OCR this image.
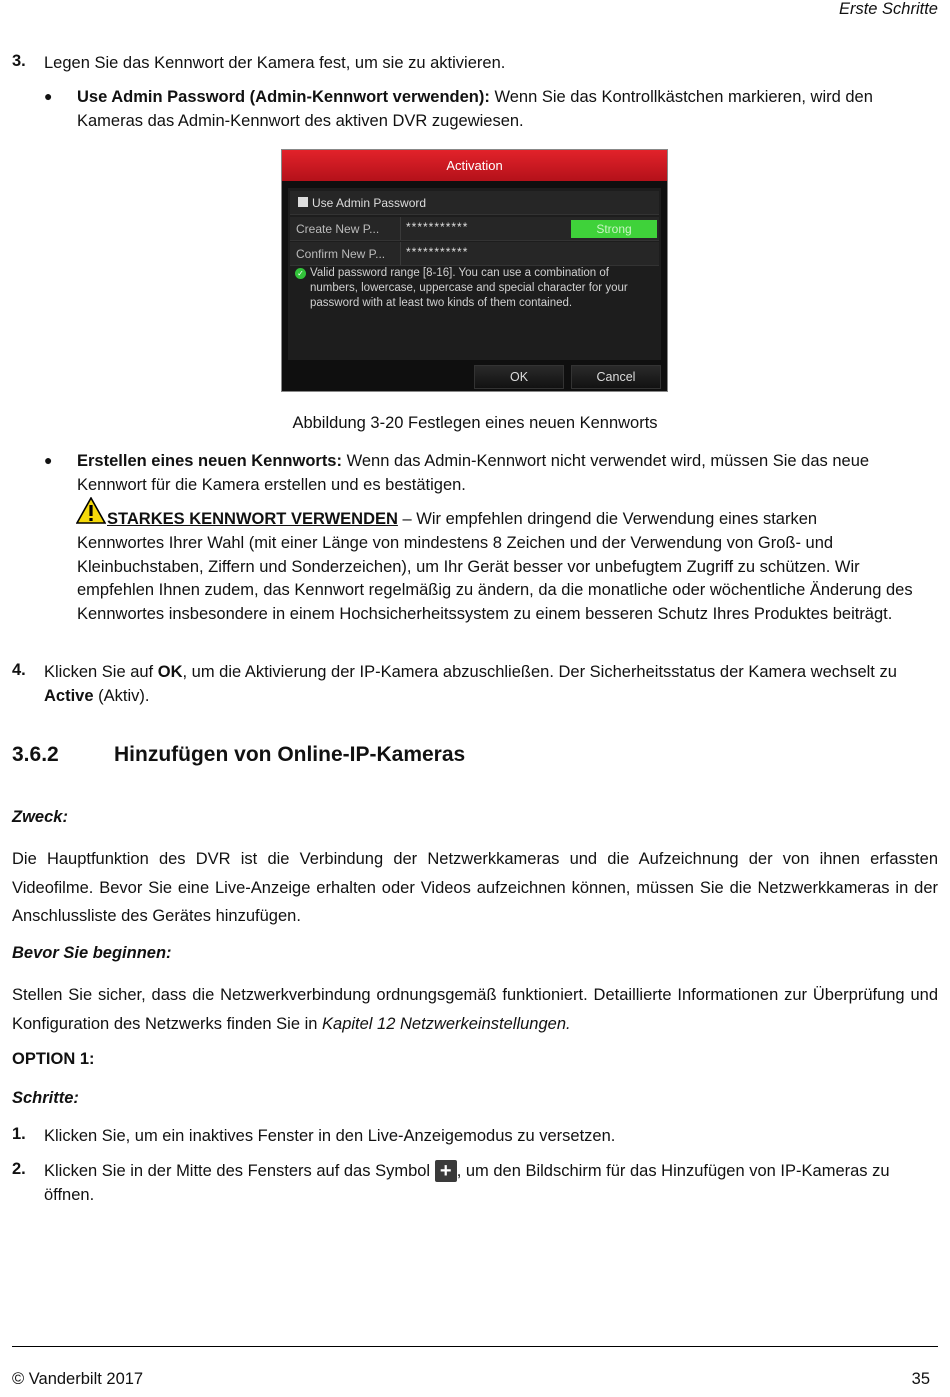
Erste Schritte
3. Legen Sie das Kennwort der Kamera fest, um sie zu aktivieren.
● Use Admin Password (Admin-Kennwort verwenden): Wenn Sie das Kontrollkästchen markieren, wird den Kameras das Admin-Kennwort des aktiven DVR zugewiesen.
Activation
Use Admin Password
Create New P... ***********	Strong
Confirm New P... ***********
✓ Valid password range [8-16]. You can use a combination of numbers, lowercase, uppercase and special character for your password with at least two kinds of them contained.
OK	Cancel
Abbildung 3-20 Festlegen eines neuen Kennworts
● Erstellen eines neuen Kennworts: Wenn das Admin-Kennwort nicht verwendet wird, müssen Sie das neue Kennwort für die Kamera erstellen und es bestätigen.
STARKES KENNWORT VERWENDEN – Wir empfehlen dringend die Verwendung eines starken
Kennwortes Ihrer Wahl (mit einer Länge von mindestens 8 Zeichen und der Verwendung von Groß- und Kleinbuchstaben, Ziffern und Sonderzeichen), um Ihr Gerät besser vor unbefugtem Zugriff zu schützen. Wir empfehlen Ihnen zudem, das Kennwort regelmäßig zu ändern, da die monatliche oder wöchentliche Änderung des Kennwortes insbesondere in einem Hochsicherheitssystem zu einem besseren Schutz Ihres Produktes beiträgt.
4. Klicken Sie auf OK, um die Aktivierung der IP-Kamera abzuschließen. Der Sicherheitsstatus der Kamera wechselt zu Active (Aktiv).
3.6.2	Hinzufügen von Online-IP-Kameras
Zweck:
Die Hauptfunktion des DVR ist die Verbindung der Netzwerkkameras und die Aufzeichnung der von ihnen erfassten Videofilme. Bevor Sie eine Live-Anzeige erhalten oder Videos aufzeichnen können, müssen Sie die Netzwerkkameras in der Anschlussliste des Gerätes hinzufügen.
Bevor Sie beginnen:
Stellen Sie sicher, dass die Netzwerkverbindung ordnungsgemäß funktioniert. Detaillierte Informationen zur Überprüfung und Konfiguration des Netzwerks finden Sie in Kapitel 12 Netzwerkeinstellungen.
OPTION 1:
Schritte:
1. Klicken Sie, um ein inaktives Fenster in den Live-Anzeigemodus zu versetzen.
2. Klicken Sie in der Mitte des Fensters auf das Symbol + , um den Bildschirm für das Hinzufügen von IP-Kameras zu öffnen.
© Vanderbilt 2017	35
